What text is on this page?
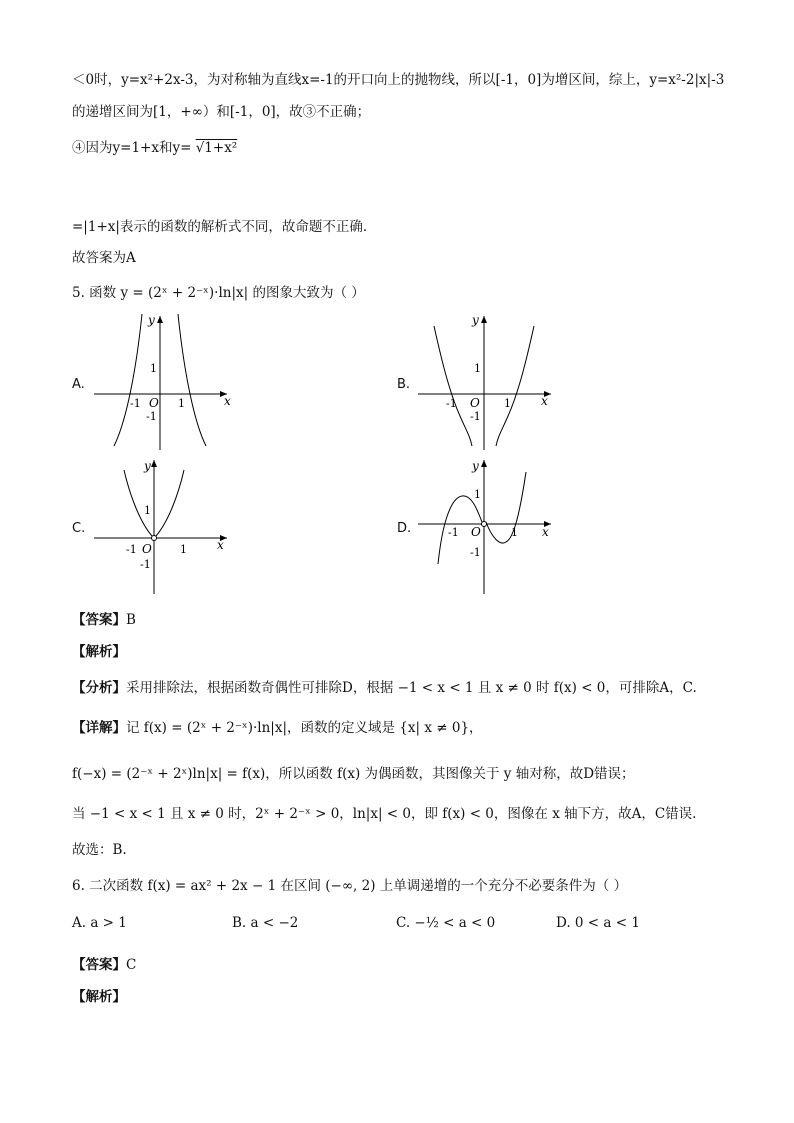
＜0时，y=x²+2x-3，为对称轴为直线x=-1的开口向上的抛物线，所以[-1，0]为增区间，综上，y=x²-2|x|-3
的递增区间为[1，+∞）和[-1，0]，故③不正确；
④因为y=1+x和y= √1+x²
=|1+x|表示的函数的解析式不同，故命题不正确．
故答案为A
5. 函数 y = (2ˣ + 2⁻ˣ)·ln|x| 的图象大致为（ ）
A.	B.
C.	D.
x
y
O
-1	1
1
-1
x
y
O
-1	1
1
-1
x
y
O
-1	1
1
-1
x
y
O
-1	1
1
-1
【答案】B
【解析】
【分析】采用排除法，根据函数奇偶性可排除D，根据 −1 < x < 1 且 x ≠ 0 时 f(x) < 0，可排除A，C.
【详解】记 f(x) = (2ˣ + 2⁻ˣ)·ln|x|，函数的定义域是 {x| x ≠ 0}，
f(−x) = (2⁻ˣ + 2ˣ)ln|x| = f(x)，所以函数 f(x) 为偶函数，其图像关于 y 轴对称，故D错误；
当 −1 < x < 1 且 x ≠ 0 时，2ˣ + 2⁻ˣ > 0，ln|x| < 0，即 f(x) < 0，图像在 x 轴下方，故A，C错误.
故选：B.
6. 二次函数 f(x) = ax² + 2x − 1 在区间 (−∞, 2) 上单调递增的一个充分不必要条件为（ ）
A. a > 1	B. a < −2	C. −½ < a < 0	D. 0 < a < 1
【答案】C
【解析】
